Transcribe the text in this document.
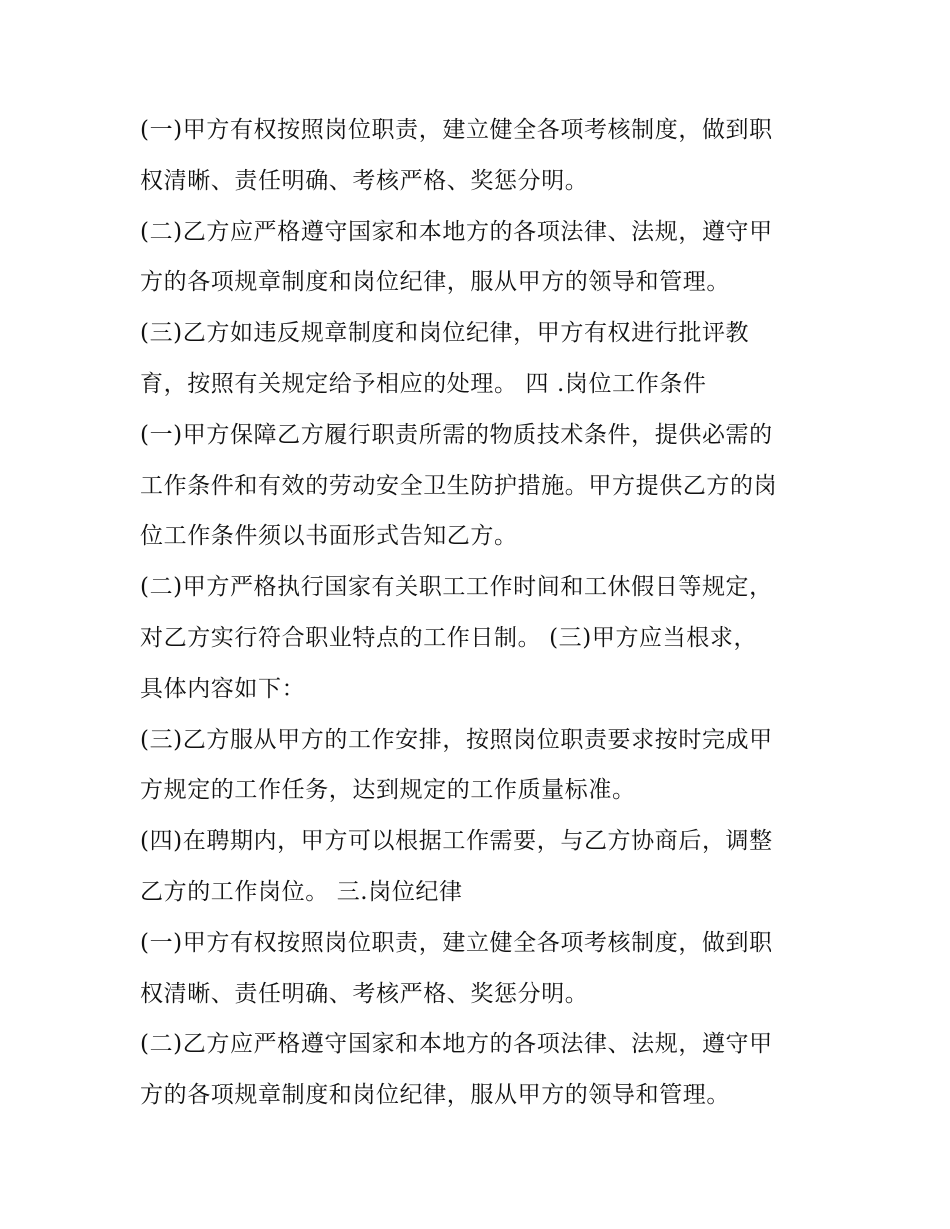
(一)甲方有权按照岗位职责，建立健全各项考核制度，做到职
权清晰、责任明确、考核严格、奖惩分明。
(二)乙方应严格遵守国家和本地方的各项法律、法规，遵守甲
方的各项规章制度和岗位纪律，服从甲方的领导和管理。
(三)乙方如违反规章制度和岗位纪律，甲方有权进行批评教
育，按照有关规定给予相应的处理。 四 .岗位工作条件
(一)甲方保障乙方履行职责所需的物质技术条件，提供必需的
工作条件和有效的劳动安全卫生防护措施。甲方提供乙方的岗
位工作条件须以书面形式告知乙方。
(二)甲方严格执行国家有关职工工作时间和工休假日等规定，
对乙方实行符合职业特点的工作日制。 (三)甲方应当根求，
具体内容如下：
(三)乙方服从甲方的工作安排，按照岗位职责要求按时完成甲
方规定的工作任务，达到规定的工作质量标准。
(四)在聘期内，甲方可以根据工作需要，与乙方协商后，调整
乙方的工作岗位。 三.岗位纪律
(一)甲方有权按照岗位职责，建立健全各项考核制度，做到职
权清晰、责任明确、考核严格、奖惩分明。
(二)乙方应严格遵守国家和本地方的各项法律、法规，遵守甲
方的各项规章制度和岗位纪律，服从甲方的领导和管理。
